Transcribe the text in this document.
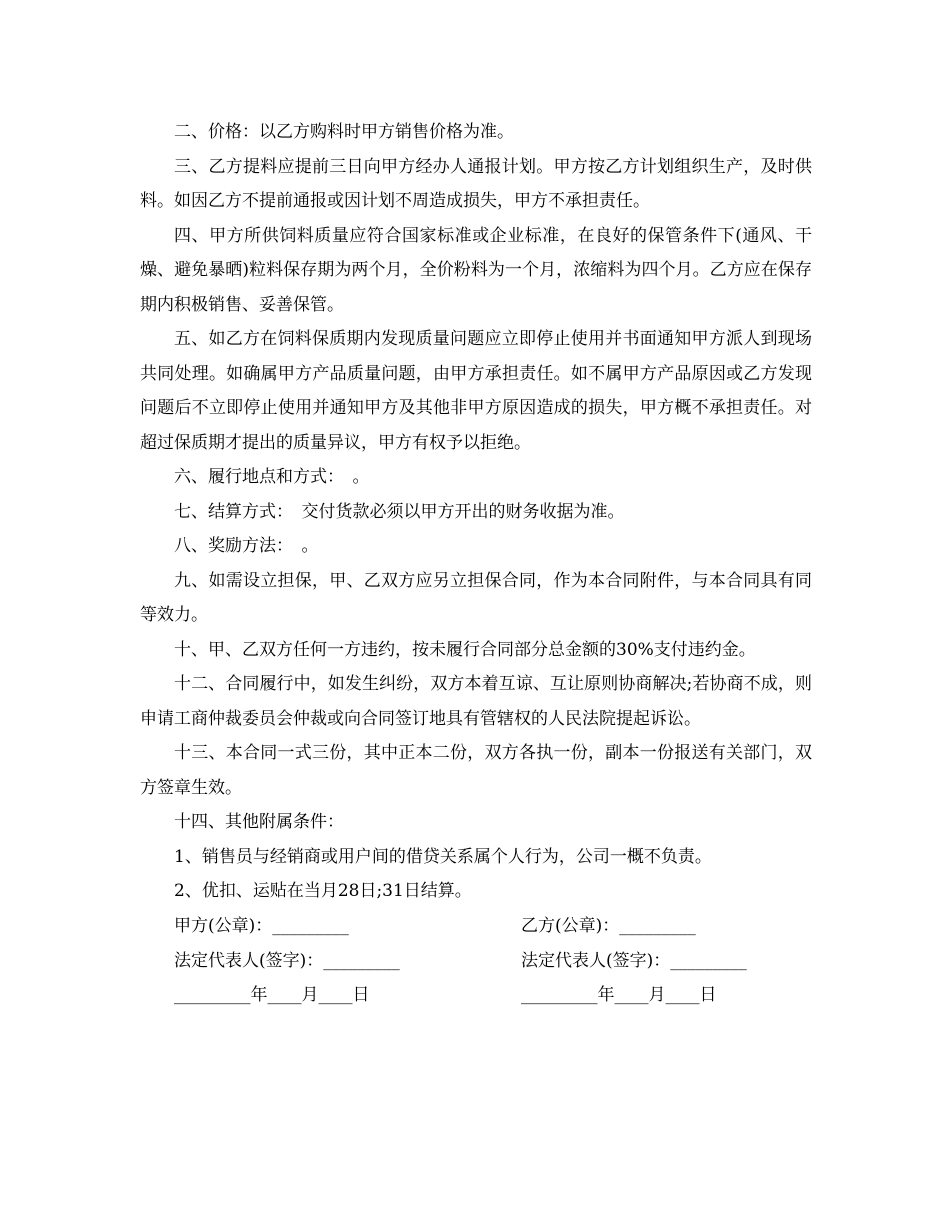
二、价格：以乙方购料时甲方销售价格为准。

三、乙方提料应提前三日向甲方经办人通报计划。甲方按乙方计划组织生产，及时供料。如因乙方不提前通报或因计划不周造成损失，甲方不承担责任。

四、甲方所供饲料质量应符合国家标准或企业标准，在良好的保管条件下(通风、干燥、避免暴晒)粒料保存期为两个月，全价粉料为一个月，浓缩料为四个月。乙方应在保存期内积极销售、妥善保管。

五、如乙方在饲料保质期内发现质量问题应立即停止使用并书面通知甲方派人到现场共同处理。如确属甲方产品质量问题，由甲方承担责任。如不属甲方产品原因或乙方发现问题后不立即停止使用并通知甲方及其他非甲方原因造成的损失，甲方概不承担责任。对超过保质期才提出的质量异议，甲方有权予以拒绝。

六、履行地点和方式：　。

七、结算方式：　交付货款必须以甲方开出的财务收据为准。

八、奖励方法：　。

九、如需设立担保，甲、乙双方应另立担保合同，作为本合同附件，与本合同具有同等效力。

十、甲、乙双方任何一方违约，按未履行合同部分总金额的30%支付违约金。

十二、合同履行中，如发生纠纷，双方本着互谅、互让原则协商解决;若协商不成，则申请工商仲裁委员会仲裁或向合同签订地具有管辖权的人民法院提起诉讼。

十三、本合同一式三份，其中正本二份，双方各执一份，副本一份报送有关部门，双方签章生效。

十四、其他附属条件：

1、销售员与经销商或用户间的借贷关系属个人行为，公司一概不负责。

2、优扣、运贴在当月28日;31日结算。

甲方(公章)：_________	乙方(公章)：_________
法定代表人(签字)：_________	法定代表人(签字)：_________
_________年____月____日	_________年____月____日
